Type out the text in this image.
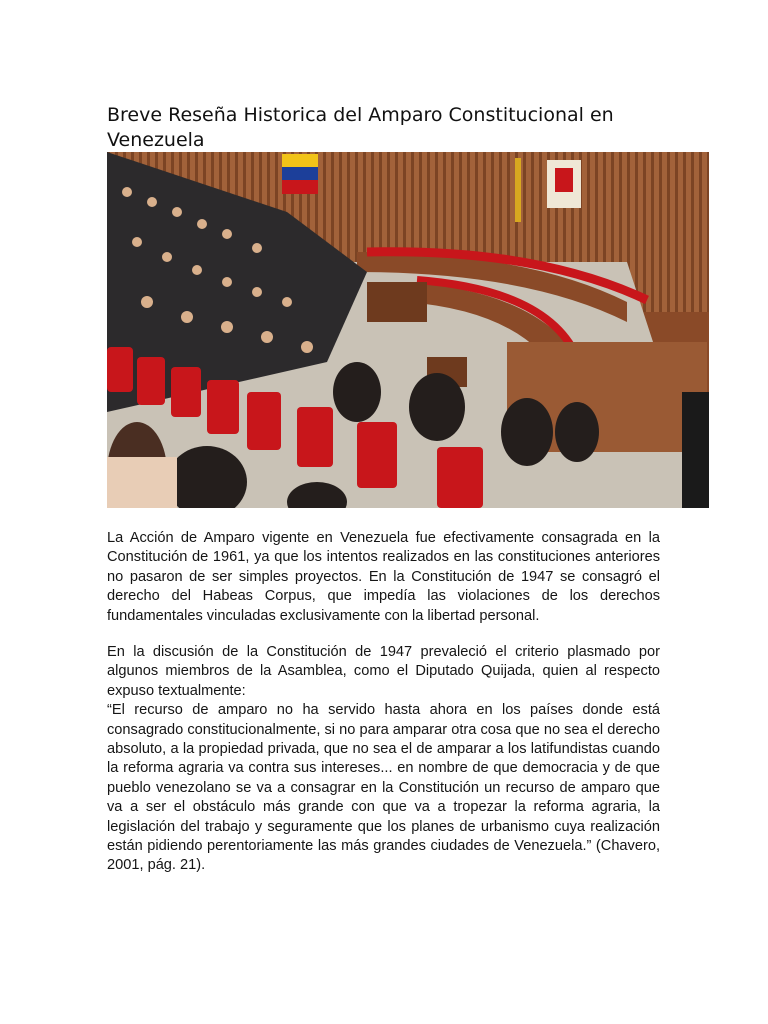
Breve Reseña Historica del Amparo Constitucional en Venezuela

La Acción de Amparo vigente en Venezuela fue efectivamente consagrada en la Constitución de 1961, ya que los intentos realizados en las constituciones anteriores no pasaron de ser simples proyectos. En la Constitución de 1947 se consagró el derecho del Habeas Corpus, que impedía las violaciones de los derechos fundamentales vinculadas exclusivamente con la libertad personal.

En la discusión de la Constitución de 1947 prevaleció el criterio plasmado por algunos miembros de la Asamblea, como el Diputado Quijada, quien al respecto expuso textualmente:
“El recurso de amparo no ha servido hasta ahora en los países donde está consagrado constitucionalmente, si no para amparar otra cosa que no sea el derecho absoluto, a la propiedad privada, que no sea el de amparar a los latifundistas cuando la reforma agraria va contra sus intereses... en nombre de que democracia y de que pueblo venezolano se va a consagrar en la Constitución un recurso de amparo que va a ser el obstáculo más grande con que va a tropezar la reforma agraria, la legislación del trabajo y seguramente que los planes de urbanismo cuya realización están pidiendo perentoriamente las más grandes ciudades de Venezuela.” (Chavero, 2001, pág. 21).
